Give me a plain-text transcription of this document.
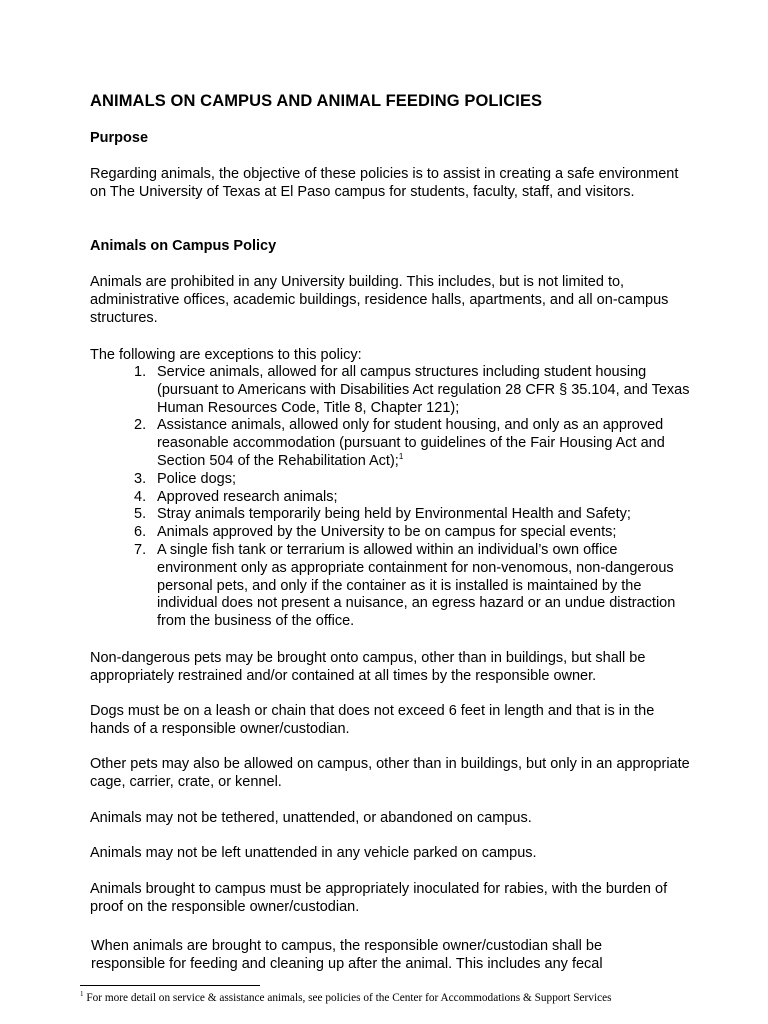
ANIMALS ON CAMPUS AND ANIMAL FEEDING POLICIES
Purpose

Regarding animals, the objective of these policies is to assist in creating a safe environment on The University of Texas at El Paso campus for students, faculty, staff, and visitors.

Animals on Campus Policy

Animals are prohibited in any University building. This includes, but is not limited to, administrative offices, academic buildings, residence halls, apartments, and all on-campus structures.

The following are exceptions to this policy:

1. Service animals, allowed for all campus structures including student housing (pursuant to Americans with Disabilities Act regulation 28 CFR § 35.104, and Texas Human Resources Code, Title 8, Chapter 121);
2. Assistance animals, allowed only for student housing, and only as an approved reasonable accommodation (pursuant to guidelines of the Fair Housing Act and Section 504 of the Rehabilitation Act);$^1$
3. Police dogs;
4. Approved research animals;
5. Stray animals temporarily being held by Environmental Health and Safety;
6. Animals approved by the University to be on campus for special events;
7. A single fish tank or terrarium is allowed within an individual’s own office environment only as appropriate containment for non-venomous, non-dangerous personal pets, and only if the container as it is installed is maintained by the individual does not present a nuisance, an egress hazard or an undue distraction from the business of the office.

Non-dangerous pets may be brought onto campus, other than in buildings, but shall be appropriately restrained and/or contained at all times by the responsible owner.

Dogs must be on a leash or chain that does not exceed 6 feet in length and that is in the hands of a responsible owner/custodian.

Other pets may also be allowed on campus, other than in buildings, but only in an appropriate cage, carrier, crate, or kennel.

Animals may not be tethered, unattended, or abandoned on campus.

Animals may not be left unattended in any vehicle parked on campus.

Animals brought to campus must be appropriately inoculated for rabies, with the burden of proof on the responsible owner/custodian.

When animals are brought to campus, the responsible owner/custodian shall be responsible for feeding and cleaning up after the animal. This includes any fecal

$^1$ For more detail on service & assistance animals, see policies of the Center for Accommodations & Support Services
